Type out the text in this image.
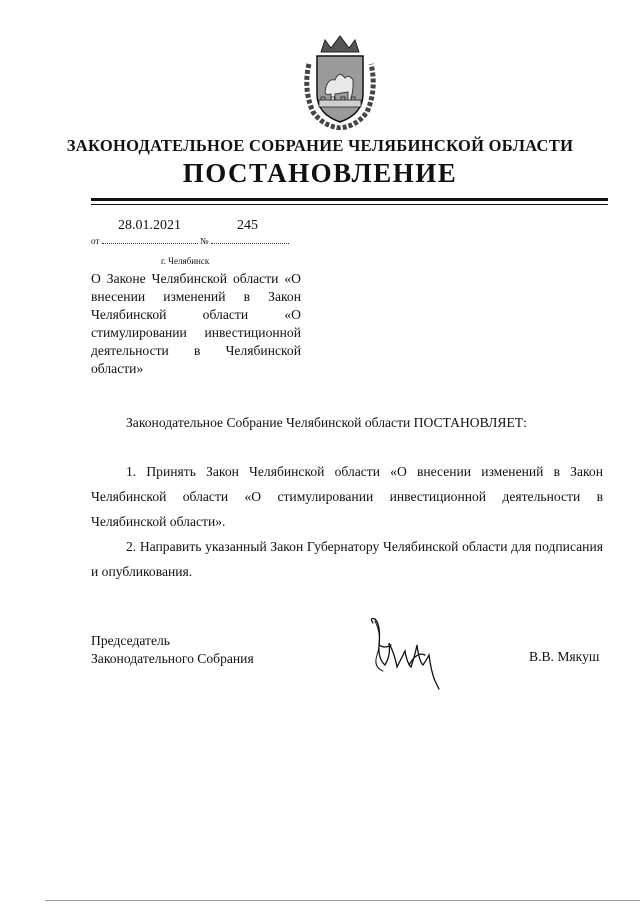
ЗАКОНОДАТЕЛЬНОЕ СОБРАНИЕ ЧЕЛЯБИНСКОЙ ОБЛАСТИ
ПОСТАНОВЛЕНИЕ
28.01.2021	245
от	№
г. Челябинск
О Законе Челябинской области «О внесении изменений в Закон Челябинской области «О стимулировании инвестиционной деятельности в Челябинской области»
Законодательное Собрание Челябинской области ПОСТАНОВЛЯЕТ:
1. Принять Закон Челябинской области «О внесении изменений в Закон Челябинской области «О стимулировании инвестиционной деятельности в Челябинской области».
2. Направить указанный Закон Губернатору Челябинской области для подписания и опубликования.
Председатель
Законодательного Собрания	В.В. Мякуш
